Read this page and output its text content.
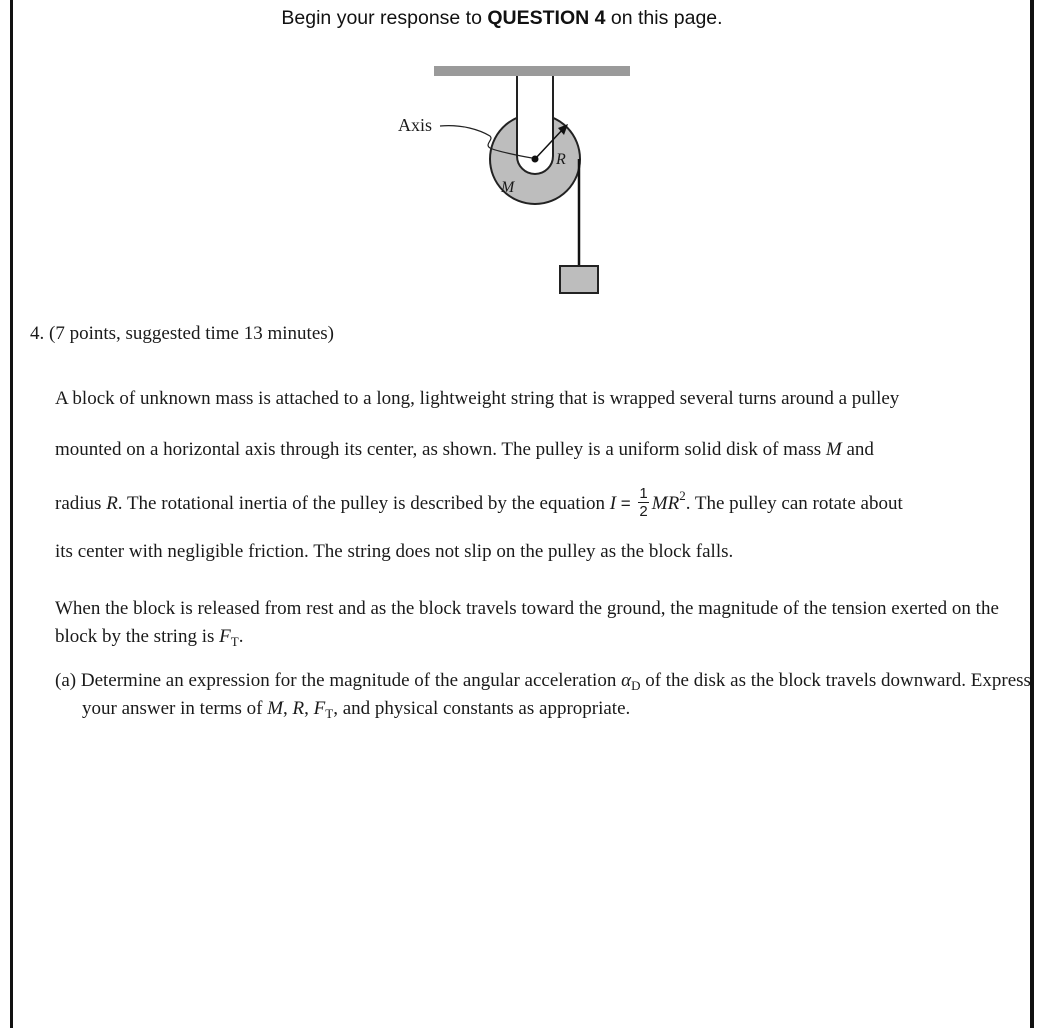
Begin your response to QUESTION 4 on this page.
Axis
R
M
4. (7 points, suggested time 13 minutes)
A block of unknown mass is attached to a long, lightweight string that is wrapped several turns around a pulley
mounted on a horizontal axis through its center, as shown. The pulley is a uniform solid disk of mass M and
radius R. The rotational inertia of the pulley is described by the equation $I = \frac{1}{2} MR^2$. The pulley can rotate about
its center with negligible friction. The string does not slip on the pulley as the block falls.
When the block is released from rest and as the block travels toward the ground, the magnitude of the tension exerted on the block by the string is $F_T$.
(a) Determine an expression for the magnitude of the angular acceleration $\alpha_D$ of the disk as the block travels downward. Express your answer in terms of M, R, $F_T$, and physical constants as appropriate.
